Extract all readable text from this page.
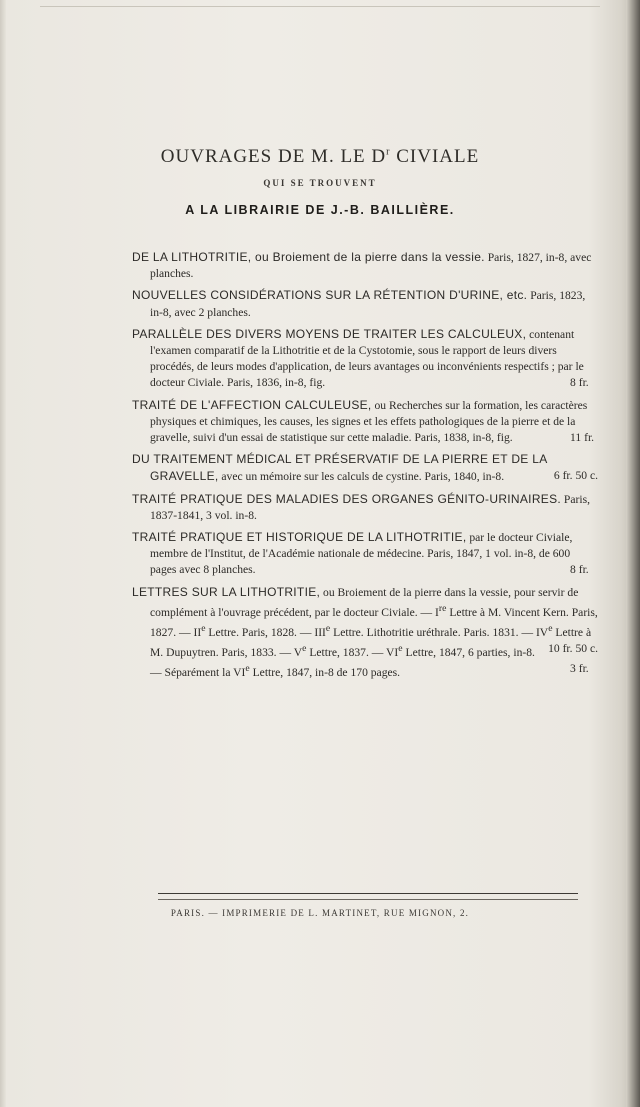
OUVRAGES DE M. LE $D^r$ CIVIALE
QUI SE TROUVENT
A LA LIBRAIRIE DE J.-B. BAILLIÈRE.

DE LA LITHOTRITIE, ou Broiement de la pierre dans la vessie. Paris, 1827, in-8, avec planches.

NOUVELLES CONSIDÉRATIONS SUR LA RÉTENTION D'URINE, etc. Paris, 1823, in-8, avec 2 planches.

PARALLÈLE DES DIVERS MOYENS DE TRAITER LES CALCULEUX, contenant l'examen comparatif de la Lithotritie et de la Cystotomie, sous le rapport de leurs divers procédés, de leurs modes d'application, de leurs avantages ou inconvénients respectifs ; par le docteur Civiale. Paris, 1836, in-8, fig.	8 fr.

TRAITÉ DE L'AFFECTION CALCULEUSE, ou Recherches sur la formation, les caractères physiques et chimiques, les causes, les signes et les effets pathologiques de la pierre et de la gravelle, suivi d'un essai de statistique sur cette maladie. Paris, 1838, in-8, fig.	11 fr.

DU TRAITEMENT MÉDICAL ET PRÉSERVATIF DE LA PIERRE ET DE LA GRAVELLE, avec un mémoire sur les calculs de cystine. Paris, 1840, in-8.	6 fr. 50 c.

TRAITÉ PRATIQUE DES MALADIES DES ORGANES GÉNITO-URINAIRES. Paris, 1837-1841, 3 vol. in-8.

TRAITÉ PRATIQUE ET HISTORIQUE DE LA LITHOTRITIE, par le docteur Civiale, membre de l'Institut, de l'Académie nationale de médecine. Paris, 1847, 1 vol. in-8, de 600 pages avec 8 planches.	8 fr.

LETTRES SUR LA LITHOTRITIE, ou Broiement de la pierre dans la vessie, pour servir de complément à l'ouvrage précédent, par le docteur Civiale. — Ire Lettre à M. Vincent Kern. Paris, 1827. — IIe Lettre. Paris, 1828. — IIIe Lettre. Lithotritie uréthrale. Paris. 1831. — IVe Lettre à M. Dupuytren. Paris, 1833. — Ve Lettre, 1837. — VIe Lettre, 1847, 6 parties, in-8. 10 fr. 50 c.

— Séparément la VIe Lettre, 1847, in-8 de 170 pages.	3 fr.

PARIS. — IMPRIMERIE DE L. MARTINET, RUE MIGNON, 2.
